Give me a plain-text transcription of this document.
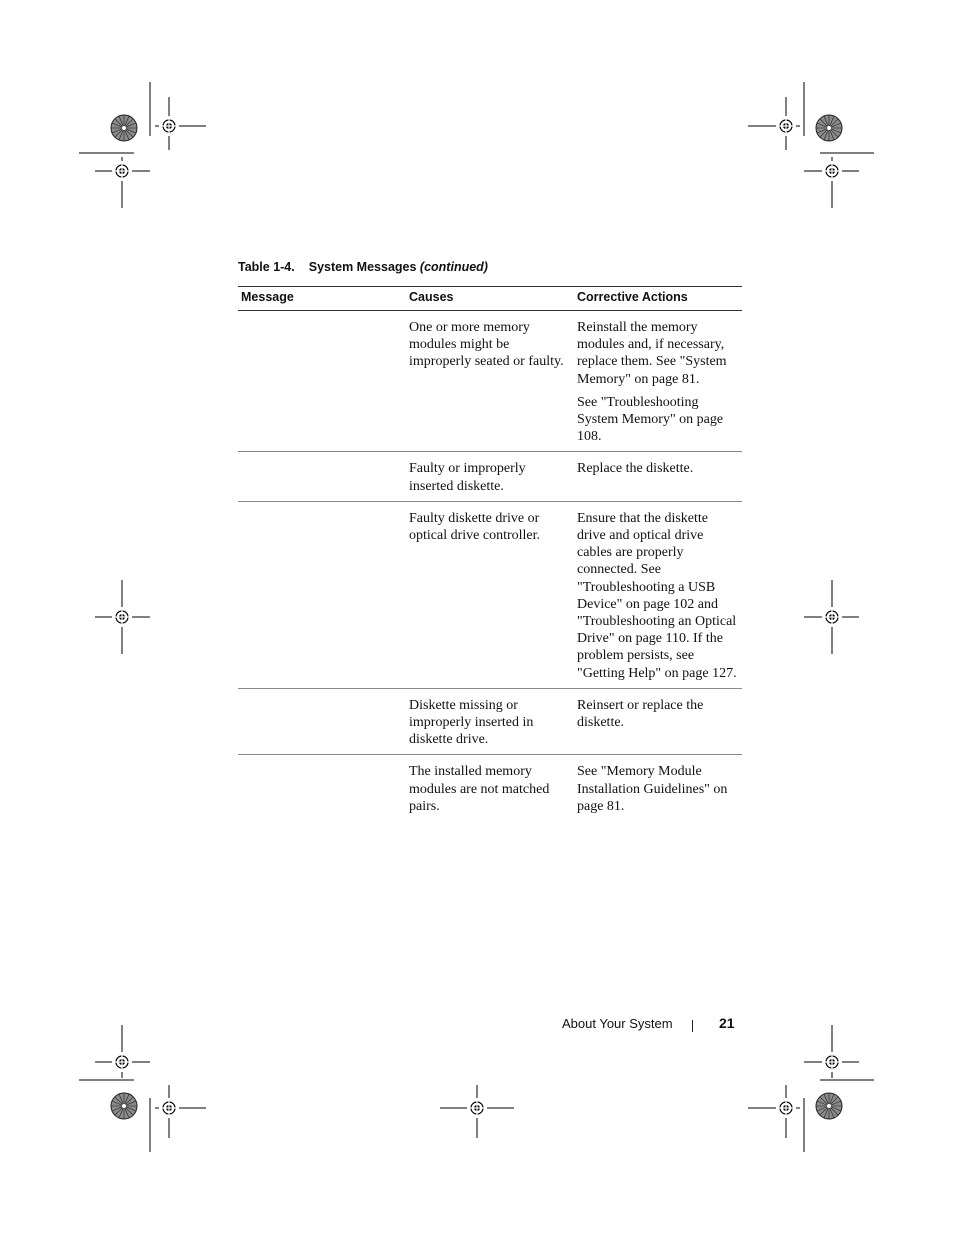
Table 1-4. System Messages (continued)
Message	Causes	Corrective Actions
	One or more memory modules might be improperly seated or faulty.	Reinstall the memory modules and, if necessary, replace them. See "System Memory" on page 81.

See "Troubleshooting System Memory" on page 108.

	Faulty or improperly inserted diskette.	Replace the diskette.

	Faulty diskette drive or optical drive controller.	Ensure that the diskette drive and optical drive cables are properly connected. See "Troubleshooting a USB Device" on page 102 and "Troubleshooting an Optical Drive" on page 110. If the problem persists, see "Getting Help" on page 127.

	Diskette missing or improperly inserted in diskette drive.	Reinsert or replace the diskette.

	The installed memory modules are not matched pairs.	See "Memory Module Installation Guidelines" on page 81.

About Your System	21
